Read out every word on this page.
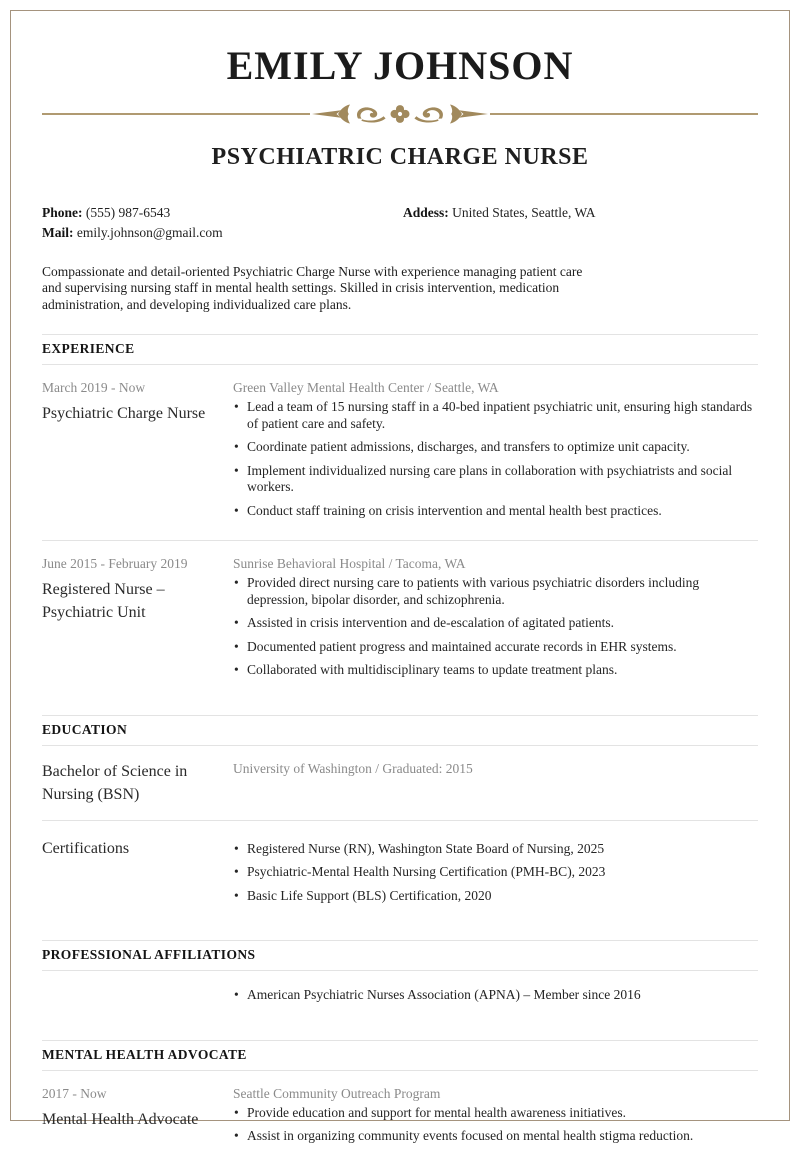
EMILY JOHNSON
PSYCHIATRIC CHARGE NURSE
Phone: (555) 987-6543
Mail: emily.johnson@gmail.com
Addess: United States, Seattle, WA

Compassionate and detail-oriented Psychiatric Charge Nurse with experience managing patient care and supervising nursing staff in mental health settings. Skilled in crisis intervention, medication administration, and developing individualized care plans.

EXPERIENCE
March 2019 - Now
Psychiatric Charge Nurse
Green Valley Mental Health Center / Seattle, WA
• Lead a team of 15 nursing staff in a 40-bed inpatient psychiatric unit, ensuring high standards of patient care and safety.
• Coordinate patient admissions, discharges, and transfers to optimize unit capacity.
• Implement individualized nursing care plans in collaboration with psychiatrists and social workers.
• Conduct staff training on crisis intervention and mental health best practices.
June 2015 - February 2019
Registered Nurse – Psychiatric Unit
Sunrise Behavioral Hospital / Tacoma, WA
• Provided direct nursing care to patients with various psychiatric disorders including depression, bipolar disorder, and schizophrenia.
• Assisted in crisis intervention and de-escalation of agitated patients.
• Documented patient progress and maintained accurate records in EHR systems.
• Collaborated with multidisciplinary teams to update treatment plans.
EDUCATION
Bachelor of Science in Nursing (BSN)
University of Washington / Graduated: 2015
Certifications	• Registered Nurse (RN), Washington State Board of Nursing, 2025
• Psychiatric-Mental Health Nursing Certification (PMH-BC), 2023
• Basic Life Support (BLS) Certification, 2020
PROFESSIONAL AFFILIATIONS
• American Psychiatric Nurses Association (APNA) – Member since 2016
MENTAL HEALTH ADVOCATE
2017 - Now
Mental Health Advocate
Seattle Community Outreach Program
• Provide education and support for mental health awareness initiatives.
• Assist in organizing community events focused on mental health stigma reduction.
